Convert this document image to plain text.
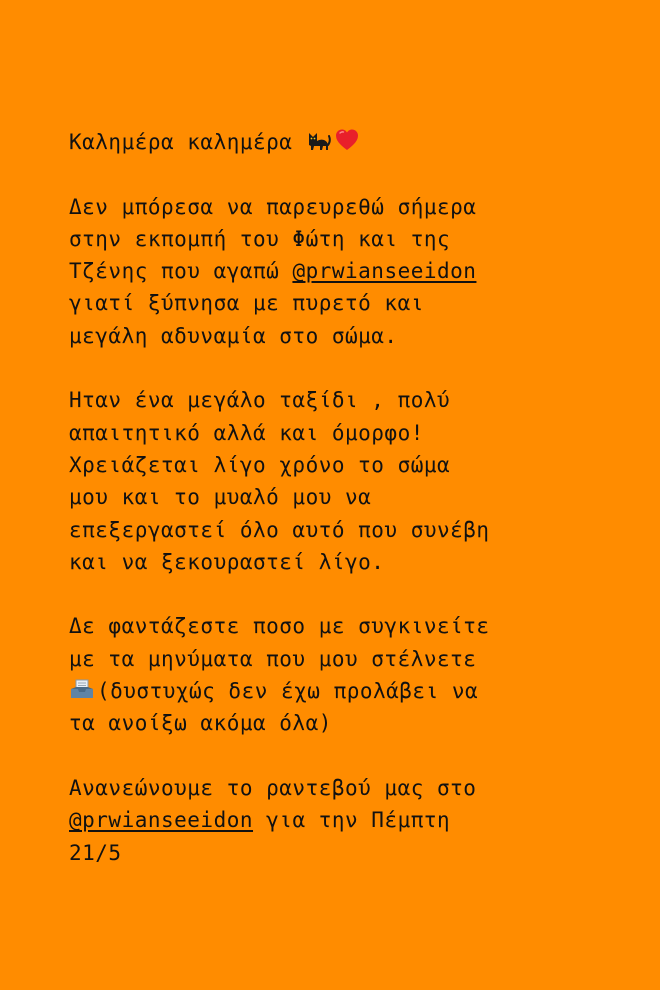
Καλημέρα καλημέρα
Δεν μπόρεσα να παρευρεθώ σήμερα
στην εκπομπή του Φώτη και της
Τζένης που αγαπώ @prwianseeidon
γιατί ξύπνησα με πυρετό και
μεγάλη αδυναμία στο σώμα.
Ηταν ένα μεγάλο ταξίδι , πολύ
απαιτητικό αλλά και όμορφο!
Χρειάζεται λίγο χρόνο το σώμα
μου και το μυαλό μου να
επεξεργαστεί όλο αυτό που συνέβη
και να ξεκουραστεί λίγο.
Δε φαντάζεστε ποσο με συγκινείτε
με τα μηνύματα που μου στέλνετε
(δυστυχώς δεν έχω προλάβει να
τα ανοίξω ακόμα όλα)
Ανανεώνουμε το ραντεβού μας στο
@prwianseeidon για την Πέμπτη
21/5
